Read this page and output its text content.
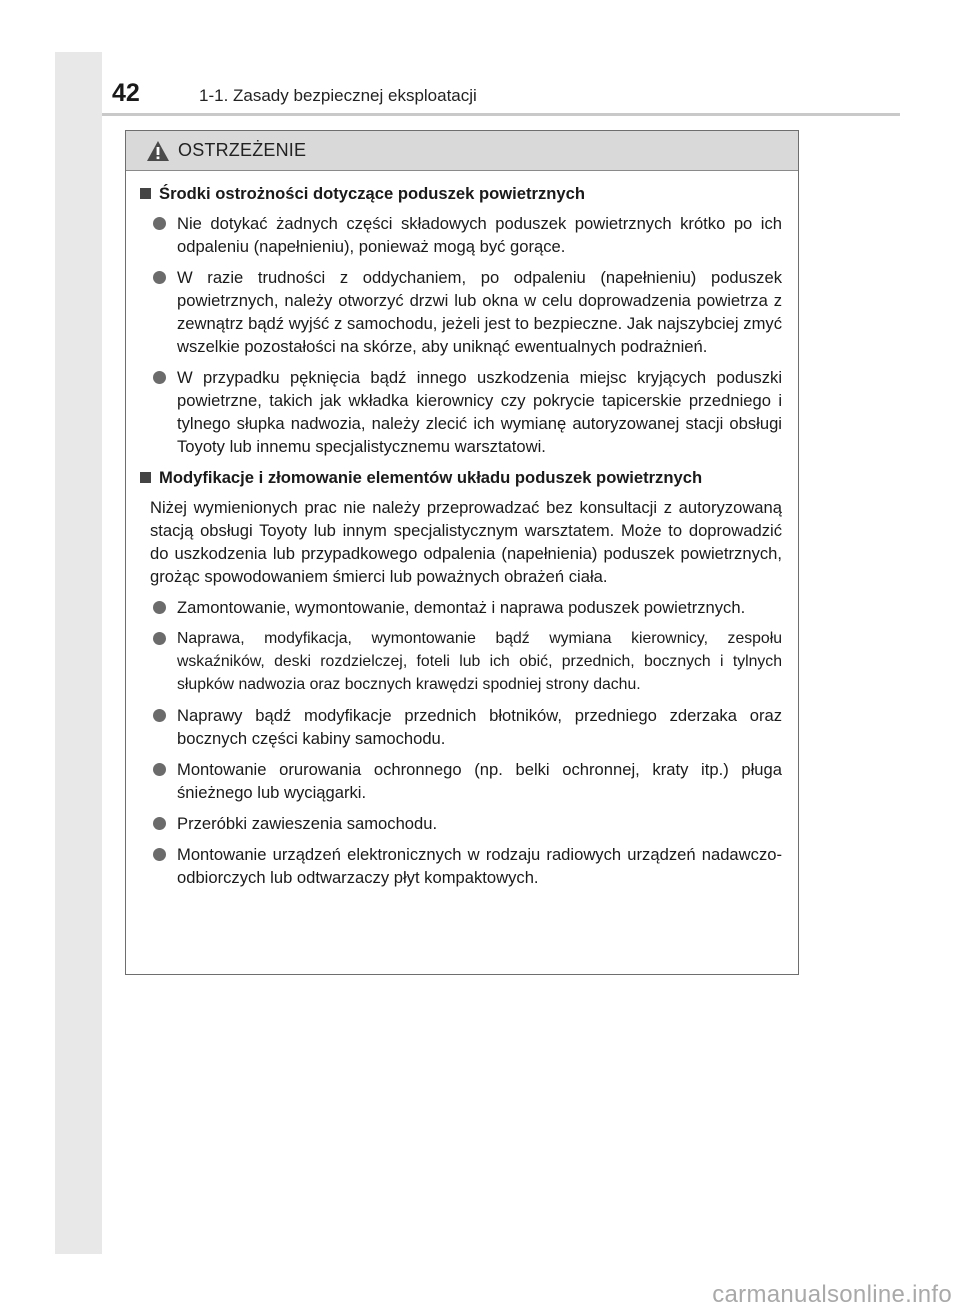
42	1-1. Zasady bezpiecznej eksploatacji
OSTRZEŻENIE
Środki ostrożności dotyczące poduszek powietrznych
Nie dotykać żadnych części składowych poduszek powietrznych krótko po ich odpaleniu (napełnieniu), ponieważ mogą być gorące.
W razie trudności z oddychaniem, po odpaleniu (napełnieniu) poduszek powietrznych, należy otworzyć drzwi lub okna w celu doprowadzenia powietrza z zewnątrz bądź wyjść z samochodu, jeżeli jest to bezpieczne. Jak najszybciej zmyć wszelkie pozostałości na skórze, aby uniknąć ewentualnych podrażnień.
W przypadku pęknięcia bądź innego uszkodzenia miejsc kryjących poduszki powietrzne, takich jak wkładka kierownicy czy pokrycie tapicerskie przedniego i tylnego słupka nadwozia, należy zlecić ich wymianę autoryzowanej stacji obsługi Toyoty lub innemu specjalistycznemu warsztatowi.
Modyfikacje i złomowanie elementów układu poduszek powietrznych
Niżej wymienionych prac nie należy przeprowadzać bez konsultacji z autoryzowaną stacją obsługi Toyoty lub innym specjalistycznym warsztatem. Może to doprowadzić do uszkodzenia lub przypadkowego odpalenia (napełnienia) poduszek powietrznych, grożąc spowodowaniem śmierci lub poważnych obrażeń ciała.
Zamontowanie, wymontowanie, demontaż i naprawa poduszek powietrznych.
Naprawa, modyfikacja, wymontowanie bądź wymiana kierownicy, zespołu wskaźników, deski rozdzielczej, foteli lub ich obić, przednich, bocznych i tylnych słupków nadwozia oraz bocznych krawędzi spodniej strony dachu.
Naprawy bądź modyfikacje przednich błotników, przedniego zderzaka oraz bocznych części kabiny samochodu.
Montowanie orurowania ochronnego (np. belki ochronnej, kraty itp.) pługa śnieżnego lub wyciągarki.
Przeróbki zawieszenia samochodu.
Montowanie urządzeń elektronicznych w rodzaju radiowych urządzeń nadawczo-odbiorczych lub odtwarzaczy płyt kompaktowych.
carmanualsonline.info
